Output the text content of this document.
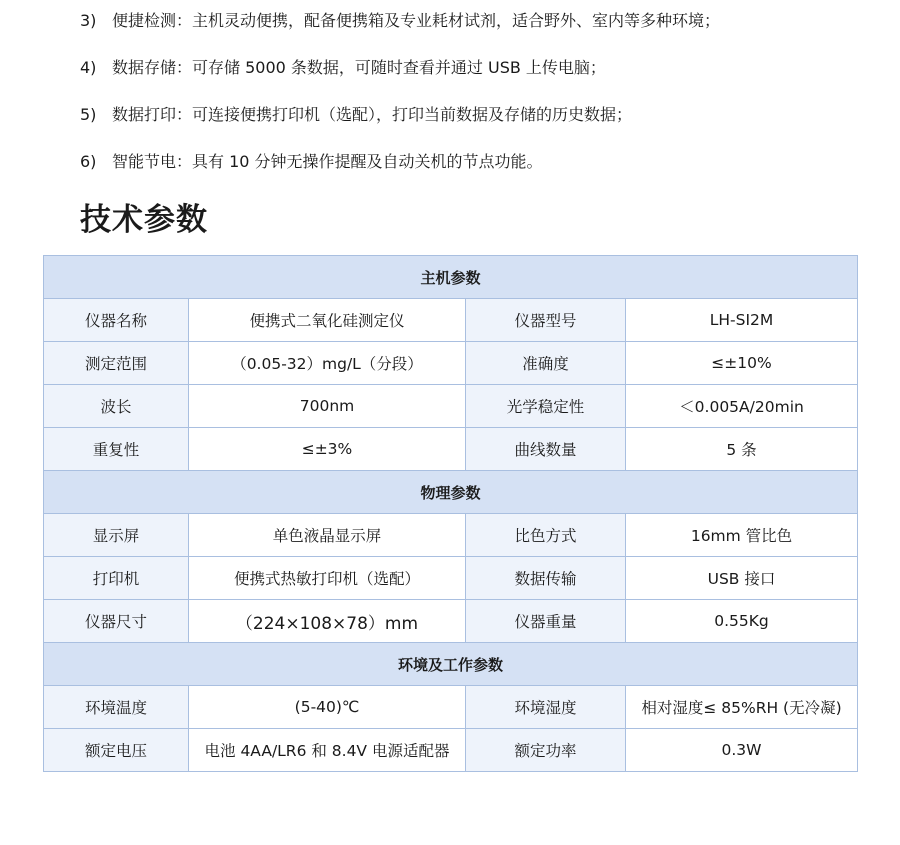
3) 便捷检测：主机灵动便携，配备便携箱及专业耗材试剂，适合野外、室内等多种环境；
4) 数据存储：可存储 5000 条数据，可随时查看并通过 USB 上传电脑；
5) 数据打印：可连接便携打印机（选配），打印当前数据及存储的历史数据；
6) 智能节电：具有 10 分钟无操作提醒及自动关机的节点功能。
技术参数
主机参数			
仪器名称	便携式二氧化硅测定仪	仪器型号	LH-SI2M
测定范围	（0.05-32）mg/L（分段）	准确度	≤±10%
波长	700nm	光学稳定性	＜0.005A/20min
重复性	≤±3%	曲线数量	5 条
物理参数			
显示屏	单色液晶显示屏	比色方式	16mm 管比色
打印机	便携式热敏打印机（选配）	数据传输	USB 接口
仪器尺寸	（224×108×78）mm	仪器重量	0.55Kg
环境及工作参数			
环境温度	(5-40)℃	环境湿度	相对湿度≤ 85%RH (无冷凝)
额定电压	电池 4AA/LR6 和 8.4V 电源适配器	额定功率	0.3W
